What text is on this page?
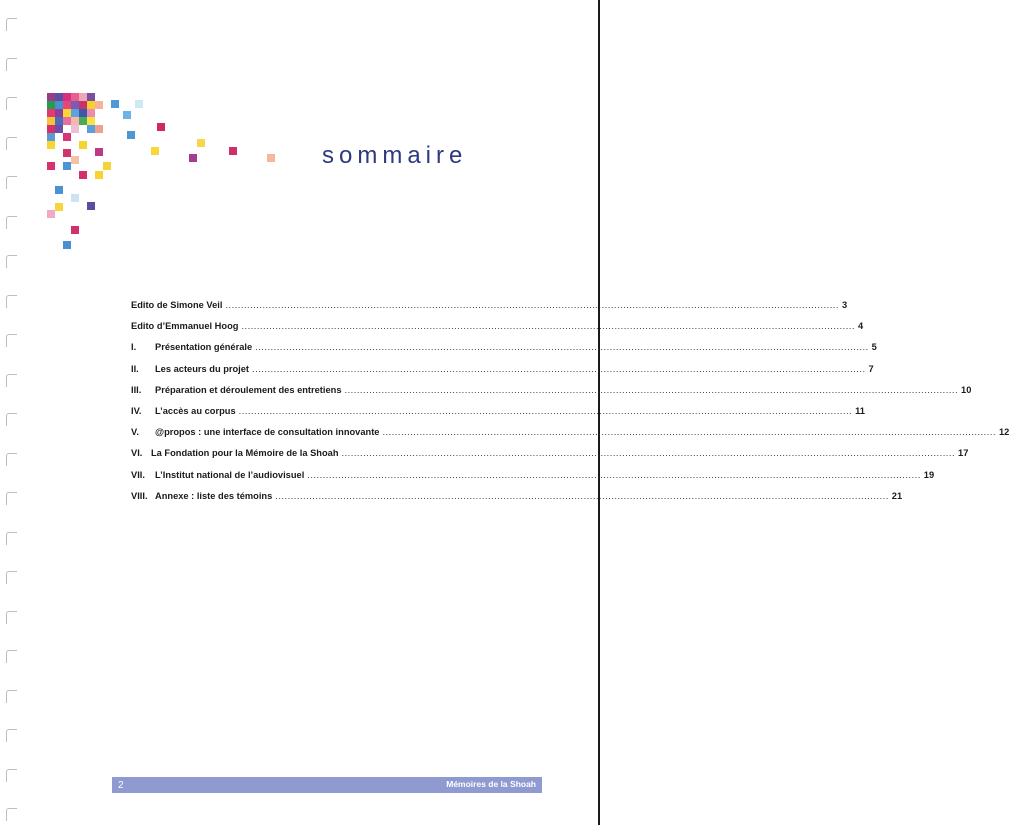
sommaire
Edito de Simone Veil ....................................................................................................................................................................................................... 3
Edito d’Emmanuel Hoog ....................................................................................................................................................................................................... 4
I.	Présentation générale ....................................................................................................................................................................................................... 5
II.	Les acteurs du projet ....................................................................................................................................................................................................... 7
III.	Préparation et déroulement des entretiens ....................................................................................................................................................................................................... 10
IV.	L’accès au corpus ....................................................................................................................................................................................................... 11
V.	@propos : une interface de consultation innovante ....................................................................................................................................................................................................... 12
VI. La Fondation pour la Mémoire de la Shoah ....................................................................................................................................................................................................... 17
VII.	L’Institut national de l’audiovisuel ....................................................................................................................................................................................................... 19
VIII. Annexe : liste des témoins ....................................................................................................................................................................................................... 21
2	Mémoires de la Shoah
